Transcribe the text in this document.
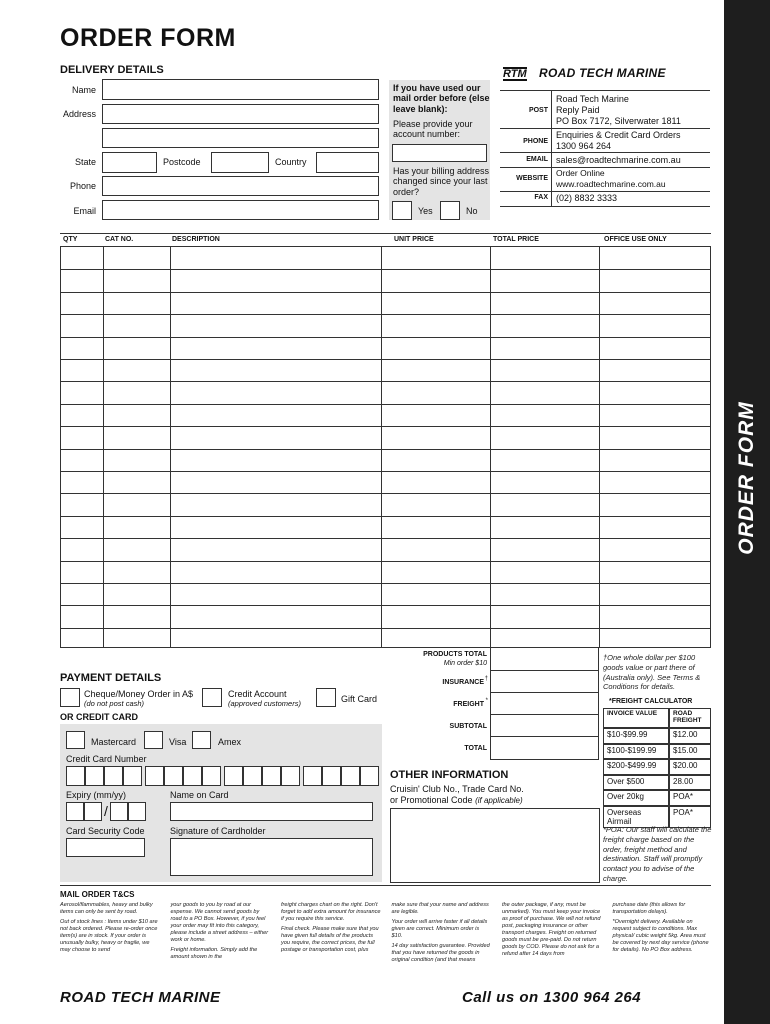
ORDER FORM
ORDER FORM
DELIVERY DETAILS
Name
Address
State	Postcode	Country
Phone
Email
If you have used our mail order before (else leave blank):
Please provide your account number:
Has your billing address changed since your last order?
Yes	No
RTM ROAD TECH MARINE
POST
Road Tech Marine
Reply Paid
PO Box 7172, Silverwater 1811
PHONE
Enquiries & Credit Card Orders
1300 964 264
EMAIL sales@roadtechmarine.com.au
WEBSITE
Order Online
www.roadtechmarine.com.au
FAX (02) 8832 3333
QTY	CAT NO.	DESCRIPTION	UNIT PRICE	TOTAL PRICE	OFFICE USE ONLY
PRODUCTS TOTAL
Min order $10
INSURANCE †
FREIGHT *
SUBTOTAL
TOTAL
†One whole dollar per $100 goods value or part there of (Australia only). See Terms & Conditions for details.
*FREIGHT CALCULATOR
INVOICE VALUE	ROAD FREIGHT
$10-$99.99	$12.00
$100-$199.99	$15.00
$200-$499.99	$20.00
Over $500	28.00
Over 20kg	POA*
Overseas Airmail
POA*
*POA: Our staff will calculate the freight charge based on the order, freight method and destination. Staff will promptly contact you to advise of the charge.
PAYMENT DETAILS
Cheque/Money Order in A$
(do not post cash)
Credit Account
(approved customers)	Gift Card
OR CREDIT CARD
Mastercard	Visa	Amex
Credit Card Number
Expiry (mm/yy)
/
Name on Card
Card Security Code	Signature of Cardholder
OTHER INFORMATION
Cruisin' Club No., Trade Card No.
or Promotional Code (if applicable)
MAIL ORDER T&CS
Aerosol/flammables, heavy and bulky items can only be sent by road.
Out of stock lines : Items under $10 are not back ordered. Please re-order once item(s) are in stock. If your order is unusually bulky, heavy or fragile, we may choose to send
your goods to you by road at our expense. We cannot send goods by road to a PO Box. However, if you feel your order may fit into this category, please include a street address – either work or home.
Freight information. Simply add the amount shown in the
freight charges chart on the right. Don't forget to add extra amount for insurance if you require this service.
Final check. Please make sure that you have given full details of the products you require, the correct prices, the full postage or transportation cost, plus
make sure that your name and address are legible.
Your order will arrive faster if all details given are correct. Minimum order is $10.
14 day satisfaction guarantee. Provided that you have returned the goods in original condition (and that means
the outer package, if any, must be unmarked). You must keep your invoice as proof of purchase. We will not refund post, packaging insurance or other transport charges. Freight on returned goods must be pre-paid. Do not return goods by COD. Please do not ask for a refund after 14 days from
purchase date (this allows for transportation delays).
*Overnight delivery. Available on request subject to conditions. Max physical/ cubic weight 5kg. Area must be covered by next day service (phone for details). No PO Box address.
ROAD TECH MARINE	Call us on 1300 964 264
